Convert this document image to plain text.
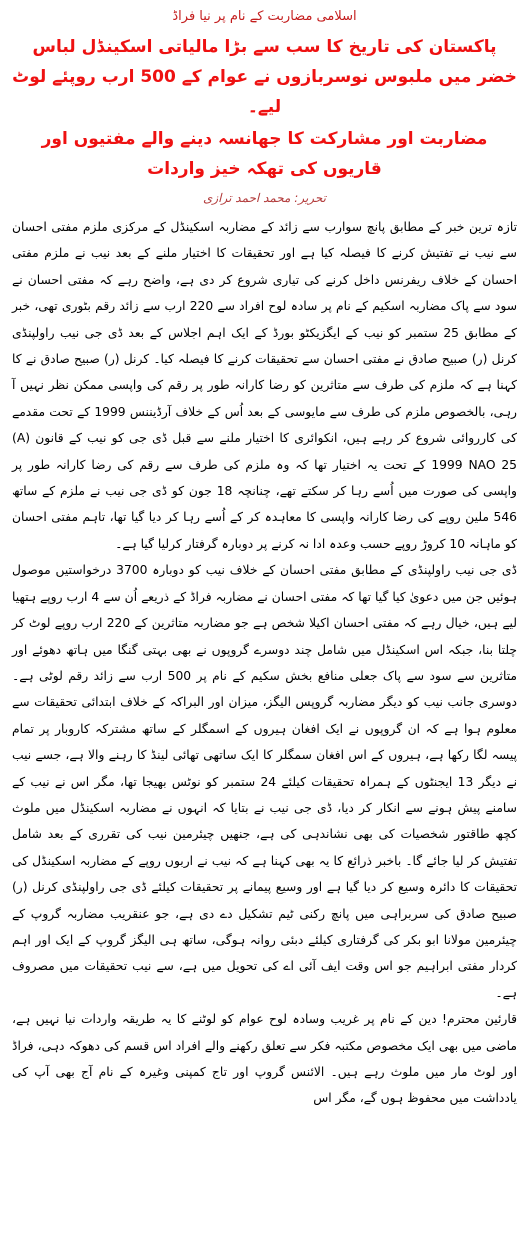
اسلامی مضاربت کے نام پر نیا فراڈ
پاکستان کی تاریخ کا سب سے بڑا مالیاتی اسکینڈل لباس خضر میں ملبوس نوسربازوں نے عوام کے 500 ارب روپئے لوٹ لیے۔
مضاربت اور مشارکت کا جھانسہ دینے والے مفتیوں اور قاریوں کی تھکہ خیز واردات
تحریر: محمد احمد ترازی

تازہ ترین خبر کے مطابق پانچ سوارب سے زائد کے مضاربہ اسکینڈل کے مرکزی ملزم مفتی احسان سے نیب نے تفتیش کرنے کا فیصلہ کیا ہے اور تحقیقات کا اختیار ملنے کے بعد نیب نے ملزم مفتی احسان کے خلاف ریفرنس داخل کرنے کی تیاری شروع کر دی ہے، واضح رہے کہ مفتی احسان نے سود سے پاک مضاربہ اسکیم کے نام پر سادہ لوح افراد سے 220 ارب سے زائد رقم بٹوری تھی، خبر کے مطابق 25 ستمبر کو نیب کے ایگزیکٹو بورڈ کے ایک اہم اجلاس کے بعد ڈی جی نیب راولپنڈی کرنل (ر) صبیح صادق نے مفتی احسان سے تحقیقات کرنے کا فیصلہ کیا۔ کرنل (ر) صبیح صادق نے کا کہنا ہے کہ ملزم کی طرف سے متاثرین کو رضا کارانہ طور پر رقم کی واپسی ممکن نظر نہیں آ رہی، بالخصوص ملزم کی طرف سے مایوسی کے بعد اُس کے خلاف آرڈیننس 1999 کے تحت مقدمے کی کارروائی شروع کر رہے ہیں، انکوائری کا اختیار ملنے سے قبل ڈی جی کو نیب کے قانون (A) 1999 NAO 25 کے تحت یہ اختیار تھا کہ وہ ملزم کی طرف سے رقم کی رضا کارانہ طور پر واپسی کی صورت میں اُسے رہا کر سکتے تھے، چنانچہ 18 جون کو ڈی جی نیب نے ملزم کے ساتھ 546 ملین روپے کی رضا کارانہ واپسی کا معاہدہ کر کے اُسے رہا کر دیا گیا تھا، تاہم مفتی احسان کو ماہانہ 10 کروڑ روپے حسب وعدہ ادا نہ کرنے پر دوبارہ گرفتار کرلیا گیا ہے۔

ڈی جی نیب راولپنڈی کے مطابق مفتی احسان کے خلاف نیب کو دوبارہ 3700 درخواستیں موصول ہوئیں جن میں دعویٰ کیا گیا تھا کہ مفتی احسان نے مضاربہ فراڈ کے ذریعے اُن سے 4 ارب روپے ہتھیا لیے ہیں، خیال رہے کہ مفتی احسان اکیلا شخص ہے جو مضاربہ متاثرین کے 220 ارب روپے لوٹ کر چلتا بنا، جبکہ اس اسکینڈل میں شامل چند دوسرے گروپوں نے بھی بہتی گنگا میں ہاتھ دھوئے اور متاثرین سے سود سے پاک جعلی منافع بخش سکیم کے نام پر 500 ارب سے زائد رقم لوٹی ہے۔ دوسری جانب نیب کو دیگر مضاربہ گروپس الیگز، میزان اور البراکہ کے خلاف ابتدائی تحقیقات سے معلوم ہوا ہے کہ ان گروپوں نے ایک افغان ہیروں کے اسمگلر کے ساتھ مشترکہ کاروبار پر تمام پیسہ لگا رکھا ہے، ہیروں کے اس افغان سمگلر کا ایک ساتھی تھائی لینڈ کا رہنے والا ہے، جسے نیب نے دیگر 13 ایجنٹوں کے ہمراہ تحقیقات کیلئے 24 ستمبر کو نوٹس بھیجا تھا، مگر اس نے نیب کے سامنے پیش ہونے سے انکار کر دیا، ڈی جی نیب نے بتایا کہ انہوں نے مضاربہ اسکینڈل میں ملوث کچھ طاقتور شخصیات کی بھی نشاندہی کی ہے، جنھیں چیئرمین نیب کی تقرری کے بعد شامل تفتیش کر لیا جائے گا۔ باخبر ذرائع کا یہ بھی کہنا ہے کہ نیب نے اربوں روپے کے مضاربہ اسکینڈل کی تحقیقات کا دائرہ وسیع کر دیا گیا ہے اور وسیع پیمانے پر تحقیقات کیلئے ڈی جی راولپنڈی کرنل (ر) صبیح صادق کی سربراہی میں پانچ رکنی ٹیم تشکیل دے دی ہے، جو عنقریب مضاربہ گروپ کے چیئرمین مولانا ابو بکر کی گرفتاری کیلئے دبئی روانہ ہوگی، ساتھ ہی الیگز گروپ کے ایک اور اہم کردار مفتی ابراہیم جو اس وقت ایف آئی اے کی تحویل میں ہے، سے نیب تحقیقات میں مصروف ہے۔

قارئین محترم! دین کے نام پر غریب وسادہ لوح عوام کو لوٹنے کا یہ طریقہ واردات نیا نہیں ہے، ماضی میں بھی ایک مخصوص مکتبہ فکر سے تعلق رکھنے والے افراد اس قسم کی دھوکہ دہی، فراڈ اور لوٹ مار میں ملوث رہے ہیں۔ الائنس گروپ اور تاج کمپنی وغیرہ کے نام آج بھی آپ کی یادداشت میں محفوظ ہوں گے، مگر اس
